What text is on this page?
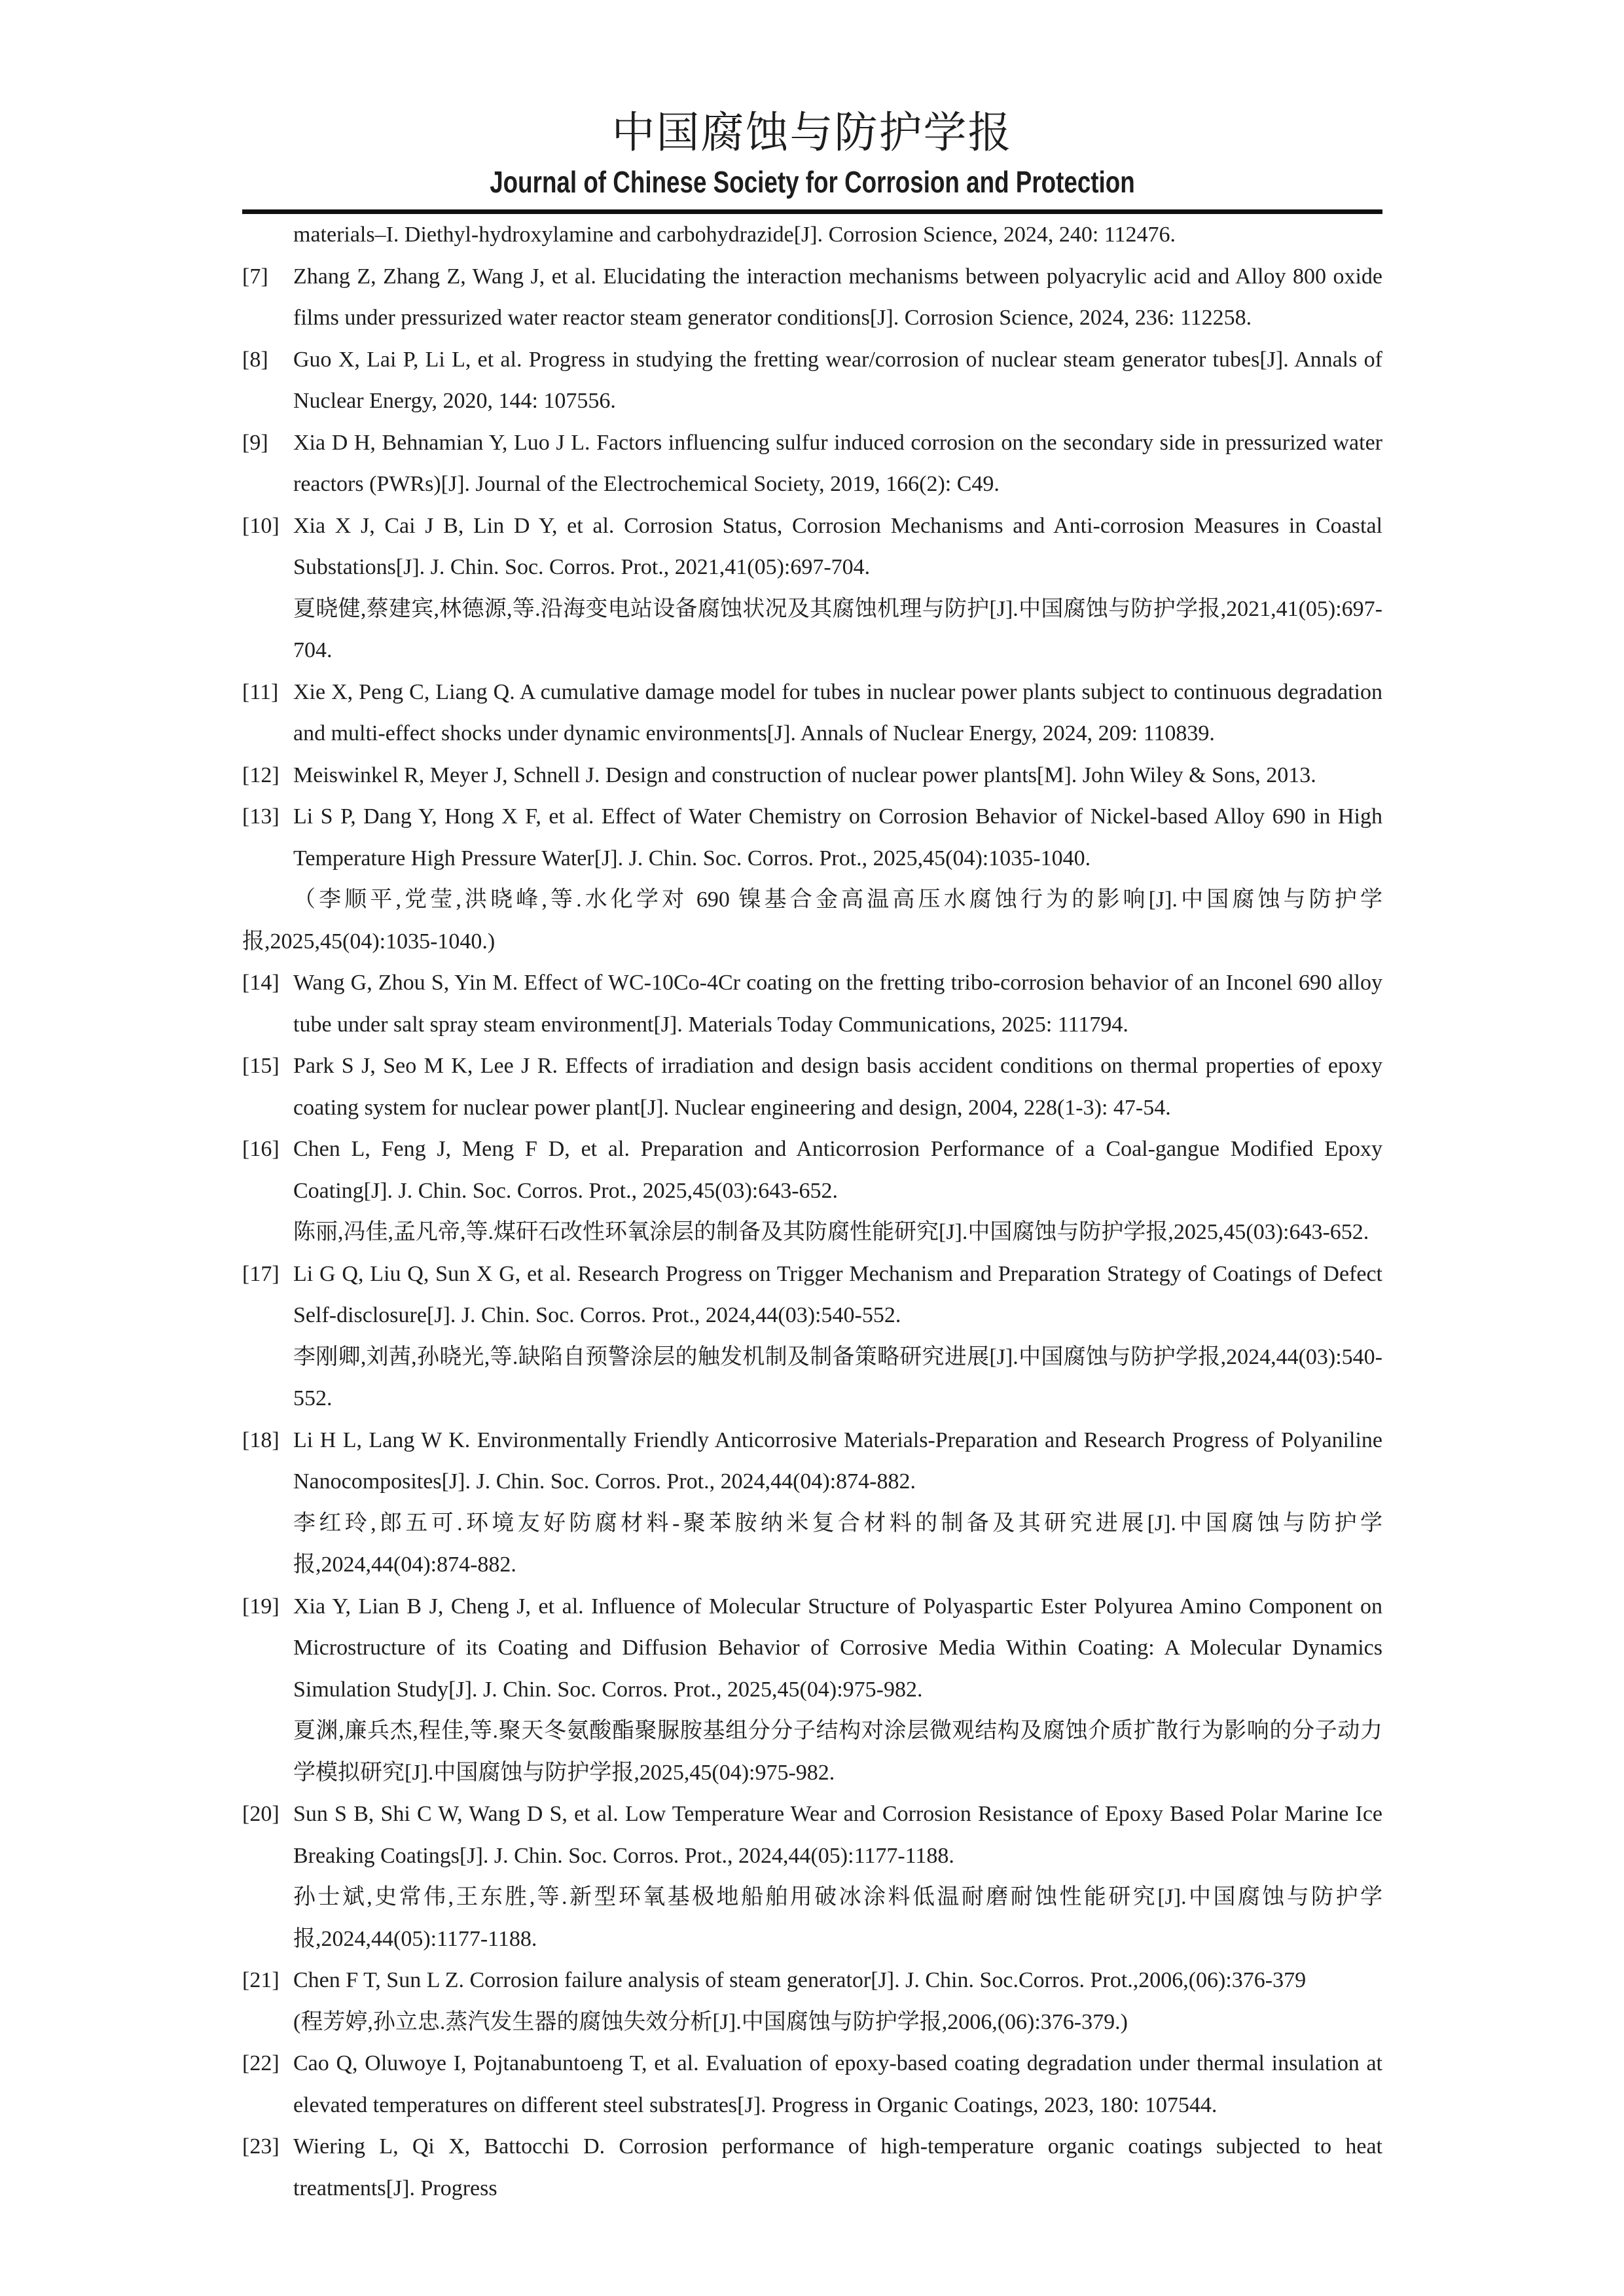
中国腐蚀与防护学报
Journal of Chinese Society for Corrosion and Protection

materials–I. Diethyl-hydroxylamine and carbohydrazide[J]. Corrosion Science, 2024, 240: 112476.

[7]	Zhang Z, Zhang Z, Wang J, et al. Elucidating the interaction mechanisms between polyacrylic acid and Alloy 800 oxide films under pressurized water reactor steam generator conditions[J]. Corrosion Science, 2024, 236: 112258.

[8]	Guo X, Lai P, Li L, et al. Progress in studying the fretting wear/corrosion of nuclear steam generator tubes[J]. Annals of Nuclear Energy, 2020, 144: 107556.

[9]	Xia D H, Behnamian Y, Luo J L. Factors influencing sulfur induced corrosion on the secondary side in pressurized water reactors (PWRs)[J]. Journal of the Electrochemical Society, 2019, 166(2): C49.

[10] Xia X J, Cai J B, Lin D Y, et al. Corrosion Status, Corrosion Mechanisms and Anti-corrosion Measures in Coastal Substations[J]. J. Chin. Soc. Corros. Prot., 2021,41(05):697-704.

夏晓健,蔡建宾,林德源,等.沿海变电站设备腐蚀状况及其腐蚀机理与防护[J].中国腐蚀与防护学报,2021,41(05):697-704.

[11] Xie X, Peng C, Liang Q. A cumulative damage model for tubes in nuclear power plants subject to continuous degradation and multi-effect shocks under dynamic environments[J]. Annals of Nuclear Energy, 2024, 209: 110839.

[12] Meiswinkel R, Meyer J, Schnell J. Design and construction of nuclear power plants[M]. John Wiley & Sons, 2013.

[13] Li S P, Dang Y, Hong X F, et al. Effect of Water Chemistry on Corrosion Behavior of Nickel-based Alloy 690 in High Temperature High Pressure Water[J]. J. Chin. Soc. Corros. Prot., 2025,45(04):1035-1040.

（李顺平,党莹,洪晓峰,等.水化学对 690 镍基合金高温高压水腐蚀行为的影响[J].中国腐蚀与防护学报,2025,45(04):1035-1040.)

[14] Wang G, Zhou S, Yin M. Effect of WC-10Co-4Cr coating on the fretting tribo-corrosion behavior of an Inconel 690 alloy tube under salt spray steam environment[J]. Materials Today Communications, 2025: 111794.

[15] Park S J, Seo M K, Lee J R. Effects of irradiation and design basis accident conditions on thermal properties of epoxy coating system for nuclear power plant[J]. Nuclear engineering and design, 2004, 228(1-3): 47-54.

[16] Chen L, Feng J, Meng F D, et al. Preparation and Anticorrosion Performance of a Coal-gangue Modified Epoxy Coating[J]. J. Chin. Soc. Corros. Prot., 2025,45(03):643-652.

陈丽,冯佳,孟凡帝,等.煤矸石改性环氧涂层的制备及其防腐性能研究[J].中国腐蚀与防护学报,2025,45(03):643-652.

[17] Li G Q, Liu Q, Sun X G, et al. Research Progress on Trigger Mechanism and Preparation Strategy of Coatings of Defect Self-disclosure[J]. J. Chin. Soc. Corros. Prot., 2024,44(03):540-552.

李刚卿,刘茜,孙晓光,等.缺陷自预警涂层的触发机制及制备策略研究进展[J].中国腐蚀与防护学报,2024,44(03):540-552.

[18] Li H L, Lang W K. Environmentally Friendly Anticorrosive Materials-Preparation and Research Progress of Polyaniline Nanocomposites[J]. J. Chin. Soc. Corros. Prot., 2024,44(04):874-882.

李红玲,郎五可.环境友好防腐材料-聚苯胺纳米复合材料的制备及其研究进展[J].中国腐蚀与防护学报,2024,44(04):874-882.

[19] Xia Y, Lian B J, Cheng J, et al. Influence of Molecular Structure of Polyaspartic Ester Polyurea Amino Component on Microstructure of its Coating and Diffusion Behavior of Corrosive Media Within Coating: A Molecular Dynamics Simulation Study[J]. J. Chin. Soc. Corros. Prot., 2025,45(04):975-982.

夏渊,廉兵杰,程佳,等.聚天冬氨酸酯聚脲胺基组分分子结构对涂层微观结构及腐蚀介质扩散行为影响的分子动力学模拟研究[J].中国腐蚀与防护学报,2025,45(04):975-982.

[20] Sun S B, Shi C W, Wang D S, et al. Low Temperature Wear and Corrosion Resistance of Epoxy Based Polar Marine Ice Breaking Coatings[J]. J. Chin. Soc. Corros. Prot., 2024,44(05):1177-1188.

孙士斌,史常伟,王东胜,等.新型环氧基极地船舶用破冰涂料低温耐磨耐蚀性能研究[J].中国腐蚀与防护学报,2024,44(05):1177-1188.

[21] Chen F T, Sun L Z. Corrosion failure analysis of steam generator[J]. J. Chin. Soc.Corros. Prot.,2006,(06):376-379

(程芳婷,孙立忠.蒸汽发生器的腐蚀失效分析[J].中国腐蚀与防护学报,2006,(06):376-379.)

[22] Cao Q, Oluwoye I, Pojtanabuntoeng T, et al. Evaluation of epoxy-based coating degradation under thermal insulation at elevated temperatures on different steel substrates[J]. Progress in Organic Coatings, 2023, 180: 107544.

[23] Wiering L, Qi X, Battocchi D. Corrosion performance of high-temperature organic coatings subjected to heat treatments[J]. Progress
